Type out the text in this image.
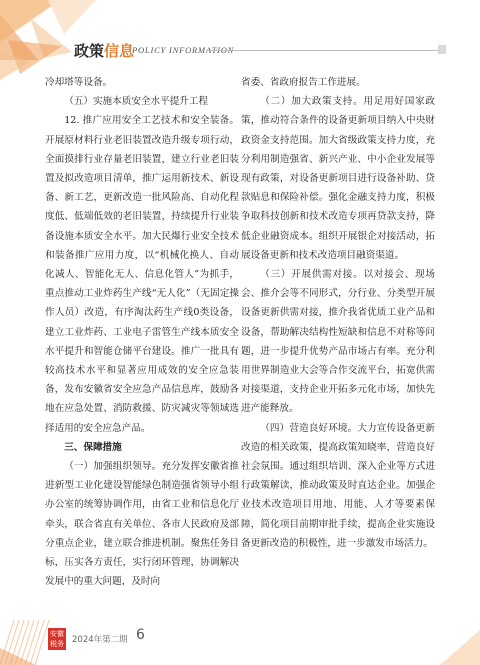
政策信息
POLICY INFORMATION

冷却塔等设备。

（五）实施本质安全水平提升工程

12. 推广应用安全工艺技术和安全装备。开展原材料行业老旧装置改造升级专项行动，全面摸排行业存量老旧装置，建立行业老旧装置及拟改造项目清单，推广运用新技术、新设备、新工艺，更新改造一批风险高、自动化程度低、低端低效的老旧装置，持续提升行业装备设施本质安全水平。加大民爆行业安全技术和装备推广应用力度，以“机械化换人、自动化减人、智能化无人、信息化管人”为抓手，重点推动工业炸药生产线“无人化”（无固定操作人员）改造，有序淘汰药生产线0类设备，建立工业炸药、工业电子雷管生产线本质安全水平提升和智能仓储平台建设。推广一批具有较高技术水平和显著应用成效的安全应急装备，发布安徽省安全应急产品信息库，鼓励各地在应急处置、消防救援、防灾减灾等领域选择适用的安全应急产品。

三、保障措施

（一）加强组织领导。充分发挥安徽省推进新型工业化建设智能绿色制造强省领导小组办公室的统筹协调作用，由省工业和信息化厅牵头，联合省直有关单位、各市人民政府及部分重点企业，建立联合推进机制。聚焦任务目标，压实各方责任，实行闭环管理，协调解决发展中的重大问题，及时向

省委、省政府报告工作进展。

（二）加大政策支持。用足用好国家政策，推动符合条件的设备更新项目纳入中央财政资金支持范围。加大省级政策支持力度，充分利用制造强省、新兴产业、中小企业发展等现有政策，对设备更新项目进行设备补助、贷款贴息和保险补偿。强化金融支持力度，积极争取科技创新和技术改造专项再贷款支持，降低企业融资成本。组织开展银企对接活动，拓展设备更新和技术改造项目融资渠道。

（三）开展供需对接。以对接会、现场会、推介会等不同形式，分行业、分类型开展设备更新供需对接，推介我省优质工业产品和设备，帮助解决结构性短缺和信息不对称等问题，进一步提升优势产品市场占有率。充分利用世界制造业大会等合作交流平台，拓宽供需对接渠道，支持企业开拓多元化市场，加快先进产能释放。

（四）营造良好环境。大力宣传设备更新改造的相关政策，提高政策知晓率，营造良好社会氛围。通过组织培训、深入企业等方式进行政策解读，推动政策及时直达企业。加强企业技术改造项目用地、用能、人才等要素保障，简化项目前期审批手续，提高企业实施设备更新改造的积极性，进一步激发市场活力。

安徽
税务 2024年第二期 6
